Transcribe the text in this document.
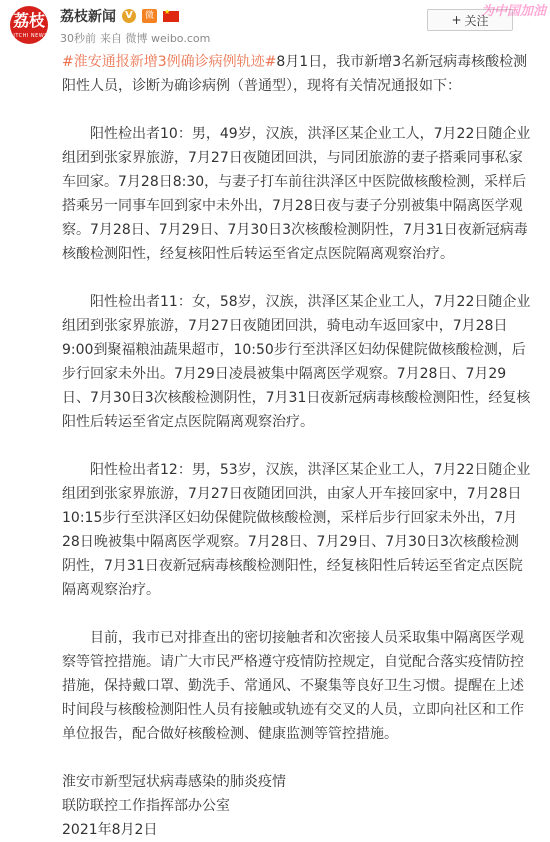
荔枝
LITCHI NEWS
荔枝新闻 V	微
★
30秒前 来自 微博 weibo.com
+ 关注
为中国加油

#淮安通报新增3例确诊病例轨迹#8月1日，我市新增3名新冠病毒核酸检测阳性人员，诊断为确诊病例（普通型），现将有关情况通报如下：

阳性检出者10：男，49岁，汉族，洪泽区某企业工人，7月22日随企业组团到张家界旅游，7月27日夜随团回洪，与同团旅游的妻子搭乘同事私家车回家。7月28日8:30，与妻子打车前往洪泽区中医院做核酸检测，采样后搭乘另一同事车回到家中未外出，7月28日夜与妻子分别被集中隔离医学观察。7月28日、7月29日、7月30日3次核酸检测阴性，7月31日夜新冠病毒核酸检测阳性，经复核阳性后转运至省定点医院隔离观察治疗。

阳性检出者11：女，58岁，汉族，洪泽区某企业工人，7月22日随企业组团到张家界旅游，7月27日夜随团回洪，骑电动车返回家中，7月28日9:00到聚福粮油蔬果超市，10:50步行至洪泽区妇幼保健院做核酸检测，后步行回家未外出。7月29日凌晨被集中隔离医学观察。7月28日、7月29日、7月30日3次核酸检测阴性，7月31日夜新冠病毒核酸检测阳性，经复核阳性后转运至省定点医院隔离观察治疗。

阳性检出者12：男，53岁，汉族，洪泽区某企业工人，7月22日随企业组团到张家界旅游，7月27日夜随团回洪，由家人开车接回家中，7月28日10:15步行至洪泽区妇幼保健院做核酸检测，采样后步行回家未外出，7月28日晚被集中隔离医学观察。7月28日、7月29日、7月30日3次核酸检测阴性，7月31日夜新冠病毒核酸检测阳性，经复核阳性后转运至省定点医院隔离观察治疗。

目前，我市已对排查出的密切接触者和次密接人员采取集中隔离医学观察等管控措施。请广大市民严格遵守疫情防控规定，自觉配合落实疫情防控措施，保持戴口罩、勤洗手、常通风、不聚集等良好卫生习惯。提醒在上述时间段与核酸检测阳性人员有接触或轨迹有交叉的人员，立即向社区和工作单位报告，配合做好核酸检测、健康监测等管控措施。

淮安市新型冠状病毒感染的肺炎疫情

联防联控工作指挥部办公室

2021年8月2日
